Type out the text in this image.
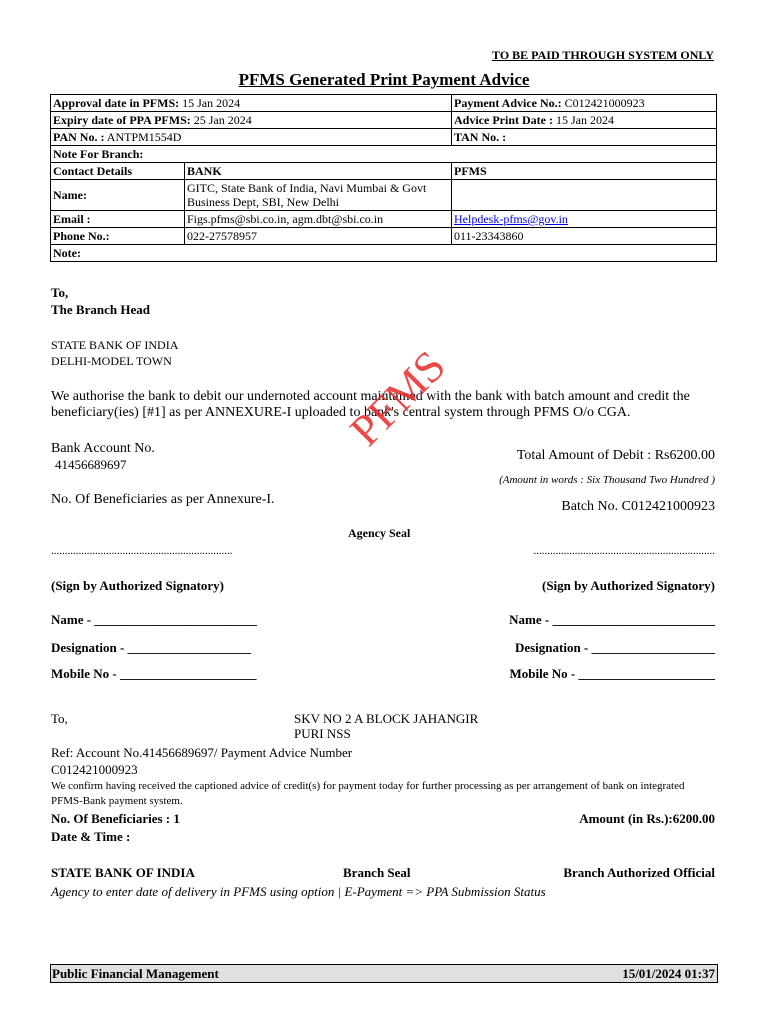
TO BE PAID THROUGH SYSTEM ONLY
PFMS Generated Print Payment Advice
Approval date in PFMS: 15 Jan 2024		Payment Advice No.: C012421000923
Expiry date of PPA PFMS: 25 Jan 2024		Advice Print Date : 15 Jan 2024
PAN No. : ANTPM1554D		TAN No. :
Note For Branch:		
Contact Details	BANK	PFMS
Name:	GITC, State Bank of India, Navi Mumbai & Govt Business Dept, SBI, New Delhi	
Email :	Figs.pfms@sbi.co.in, agm.dbt@sbi.co.in	Helpdesk-pfms@gov.in
Phone No.:	022-27578957	011-23343860
Note:		
To,
The Branch Head
STATE BANK OF INDIA
DELHI-MODEL TOWN
We authorise the bank to debit our undernoted account maintained with the bank with batch amount and credit the beneficiary(ies) [#1] as per ANNEXURE-I uploaded to bank's central system through PFMS O/o CGA.
Bank Account No.
41456689697
Total Amount of Debit : Rs6200.00
(Amount in words : Six Thousand Two Hundred )
No. Of Beneficiaries as per Annexure-I.	Batch No. C012421000923
Agency Seal
..................................................................	..................................................................
(Sign by Authorized Signatory)	(Sign by Authorized Signatory)
Name - _________________________	Name - _________________________
Designation - ___________________	Designation - ___________________
Mobile No - _____________________	Mobile No - _____________________
PFMS
To,	SKV NO 2 A BLOCK JAHANGIR
PURI NSS
Ref: Account No.41456689697/ Payment Advice Number
C012421000923
We confirm having received the captioned advice of credit(s) for payment today for further processing as per arrangement of bank on integrated PFMS-Bank payment system.
No. Of Beneficiaries : 1	Amount (in Rs.):6200.00
Date & Time :
STATE BANK OF INDIA	Branch Seal	Branch Authorized Official
Agency to enter date of delivery in PFMS using option | E-Payment => PPA Submission Status
Public Financial Management	15/01/2024 01:37
